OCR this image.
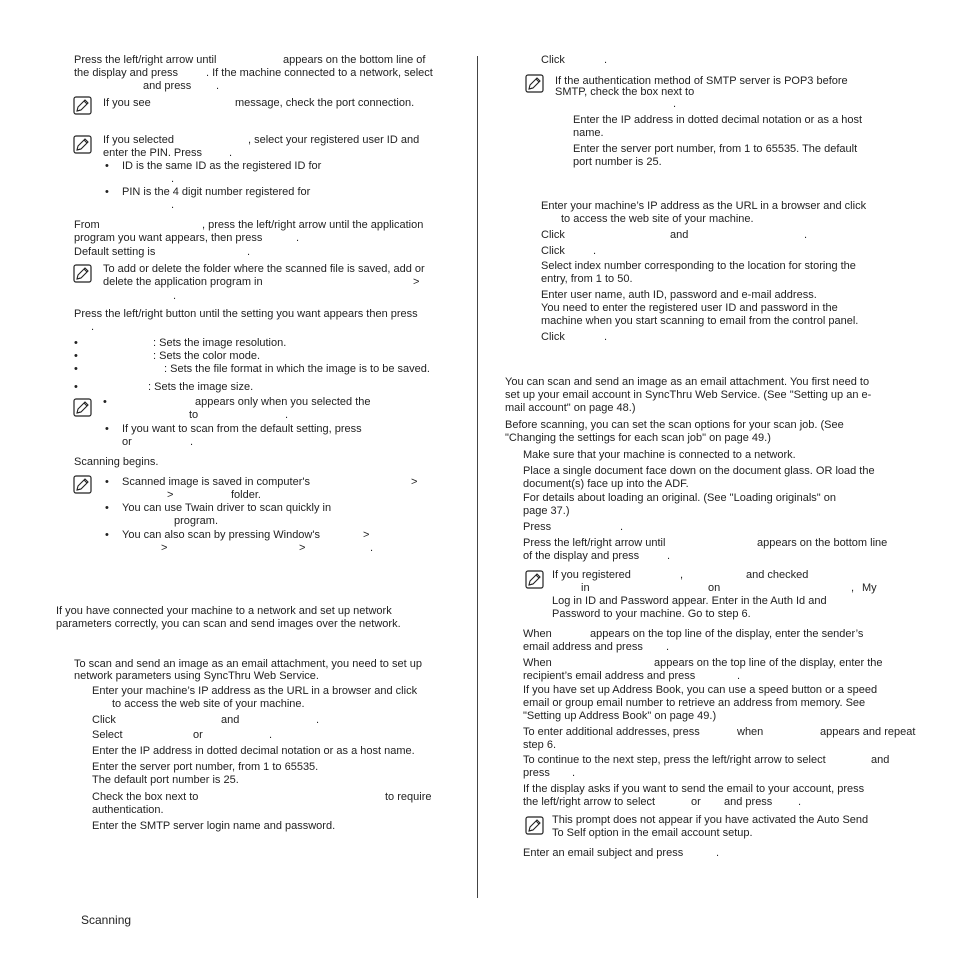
Press the left/right arrow until	appears on the bottom line of

the display and press	. If the machine connected to a network, select

and press .

If you see	message, check the port connection.

If you selected	, select your registered user ID and

enter the PIN. Press .

• ID is the same ID as the registered ID for

.

• PIN is the 4 digit number registered for

.

From	, press the left/right arrow until the application

program you want appears, then press	.

Default setting is	.

To add or delete the folder where the scanned file is saved, add or

delete the application program in	>

.

Press the left/right button until the setting you want appears then press

.

•	: Sets the image resolution.

•	: Sets the color mode.

•	: Sets the file format in which the image is to be saved.

•	: Sets the image size.

•	appears only when you selected the

to	.

• If you want to scan from the default setting, press

or	.

Scanning begins.

• Scanned image is saved in computer's	>

>	folder.

• You can use Twain driver to scan quickly in

program.

• You can also scan by pressing Window's	>

>	>	.

If you have connected your machine to a network and set up network

parameters correctly, you can scan and send images over the network.

To scan and send an image as an email attachment, you need to set up

network parameters using SyncThru Web Service.

Enter your machine’s IP address as the URL in a browser and click

to access the web site of your machine.

Click	and	.

Select	or	.

Enter the IP address in dotted decimal notation or as a host name.

Enter the server port number, from 1 to 65535.

The default port number is 25.

Check the box next to	to require

authentication.

Enter the SMTP server login name and password.

Click	.

If the authentication method of SMTP server is POP3 before

SMTP, check the box next to

.

Enter the IP address in dotted decimal notation or as a host

name.

Enter the server port number, from 1 to 65535. The default

port number is 25.

Enter your machine’s IP address as the URL in a browser and click

to access the web site of your machine.

Click	and	.

Click	.

Select index number corresponding to the location for storing the

entry, from 1 to 50.

Enter user name, auth ID, password and e-mail address.

You need to enter the registered user ID and password in the

machine when you start scanning to email from the control panel.

Click	.

You can scan and send an image as an email attachment. You first need to

set up your email account in SyncThru Web Service. (See "Setting up an e-

mail account" on page 48.)

Before scanning, you can set the scan options for your scan job. (See

"Changing the settings for each scan job" on page 49.)

Make sure that your machine is connected to a network.

Place a single document face down on the document glass. OR load the

document(s) face up into the ADF.

For details about loading an original. (See "Loading originals" on

page 37.)

Press	.

Press the left/right arrow until	appears on the bottom line

of the display and press	.

If you registered	,	and checked

in	on	, My

Log in ID and Password appear. Enter in the Auth Id and

Password to your machine. Go to step 6.

When	appears on the top line of the display, enter the sender’s

email address and press .

When	appears on the top line of the display, enter the

recipient’s email address and press	.

If you have set up Address Book, you can use a speed button or a speed

email or group email number to retrieve an address from memory. See

"Setting up Address Book" on page 49.)

To enter additional addresses, press	when	appears and repeat

step 6.

To continue to the next step, press the left/right arrow to select	and

press .

If the display asks if you want to send the email to your account, press

the left/right arrow to select	or and press .

This prompt does not appear if you have activated the Auto Send

To Self option in the email account setup.

Enter an email subject and press	.

Scanning
